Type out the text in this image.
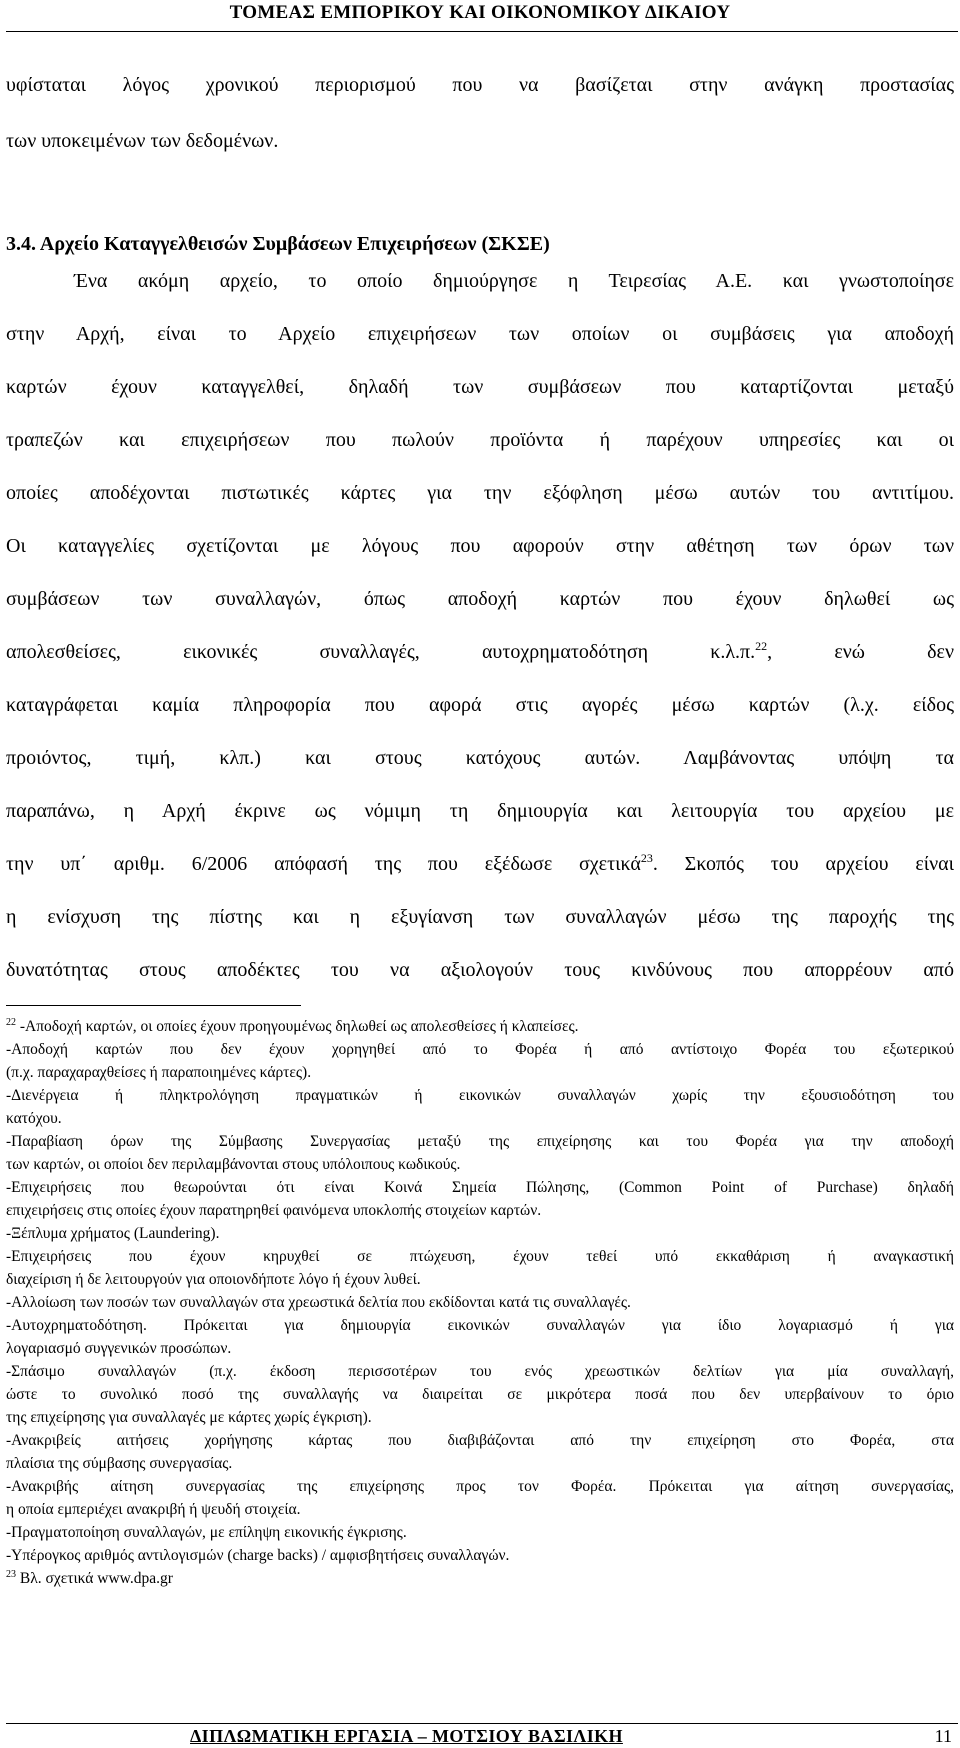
ΤΟΜΕΑΣ ΕΜΠΟΡΙΚΟΥ ΚΑΙ ΟΙΚΟΝΟΜΙΚΟΥ ΔΙΚΑΙΟΥ
υφίσταται λόγος χρονικού περιορισμού που να βασίζεται στην ανάγκη προστασίας
των υποκειμένων των δεδομένων.
3.4. Αρχείο Καταγγελθεισών Συμβάσεων Επιχειρήσεων (ΣΚΣΕ)
Ένα ακόμη αρχείο, το οποίο δημιούργησε η Τειρεσίας Α.Ε. και γνωστοποίησε
στην Αρχή, είναι το Αρχείο επιχειρήσεων των οποίων οι συμβάσεις για αποδοχή
καρτών έχουν καταγγελθεί, δηλαδή των συμβάσεων που καταρτίζονται μεταξύ
τραπεζών και επιχειρήσεων που πωλούν προϊόντα ή παρέχουν υπηρεσίες και οι
οποίες αποδέχονται πιστωτικές κάρτες για την εξόφληση μέσω αυτών του αντιτίμου.
Οι καταγγελίες σχετίζονται με λόγους που αφορούν στην αθέτηση των όρων των
συμβάσεων των συναλλαγών, όπως αποδοχή καρτών που έχουν δηλωθεί ως
απολεσθείσες, εικονικές συναλλαγές, αυτοχρηματοδότηση κ.λ.π.$^{22}$, ενώ δεν
καταγράφεται καμία πληροφορία που αφορά στις αγορές μέσω καρτών (λ.χ. είδος
προιόντος, τιμή, κλπ.) και στους κατόχους αυτών. Λαμβάνοντας υπόψη τα
παραπάνω, η Αρχή έκρινε ως νόμιμη τη δημιουργία και λειτουργία του αρχείου με
την υπ΄ αριθμ. 6/2006 απόφασή της που εξέδωσε σχετικά$^{23}$. Σκοπός του αρχείου είναι
η ενίσχυση της πίστης και η εξυγίανση των συναλλαγών μέσω της παροχής της
δυνατότητας στους αποδέκτες του να αξιολογούν τους κινδύνους που απορρέουν από
$^{22}$ -Αποδοχή καρτών, οι οποίες έχουν προηγουμένως δηλωθεί ως απολεσθείσες ή κλαπείσες.
-Αποδοχή καρτών που δεν έχουν χορηγηθεί από το Φορέα ή από αντίστοιχο Φορέα του εξωτερικού
(π.χ. παραχαραχθείσες ή παραποιημένες κάρτες).
-Διενέργεια ή πληκτρολόγηση πραγματικών ή εικονικών συναλλαγών χωρίς την εξουσιοδότηση του
κατόχου.
-Παραβίαση όρων της Σύμβασης Συνεργασίας μεταξύ της επιχείρησης και του Φορέα για την αποδοχή
των καρτών, οι οποίοι δεν περιλαμβάνονται στους υπόλοιπους κωδικούς.
-Επιχειρήσεις που θεωρούνται ότι είναι Κοινά Σημεία Πώλησης, (Common Point of Purchase) δηλαδή
επιχειρήσεις στις οποίες έχουν παρατηρηθεί φαινόμενα υποκλοπής στοιχείων καρτών.
-Ξέπλυμα χρήματος (Laundering).
-Επιχειρήσεις που έχουν κηρυχθεί σε πτώχευση, έχουν τεθεί υπό εκκαθάριση ή αναγκαστική
διαχείριση ή δε λειτουργούν για οποιονδήποτε λόγο ή έχουν λυθεί.
-Αλλοίωση των ποσών των συναλλαγών στα χρεωστικά δελτία που εκδίδονται κατά τις συναλλαγές.
-Αυτοχρηματοδότηση. Πρόκειται για δημιουργία εικονικών συναλλαγών για ίδιο λογαριασμό ή για
λογαριασμό συγγενικών προσώπων.
-Σπάσιμο συναλλαγών (π.χ. έκδοση περισσοτέρων του ενός χρεωστικών δελτίων για μία συναλλαγή,
ώστε το συνολικό ποσό της συναλλαγής να διαιρείται σε μικρότερα ποσά που δεν υπερβαίνουν το όριο
της επιχείρησης για συναλλαγές με κάρτες χωρίς έγκριση).
-Ανακριβείς αιτήσεις χορήγησης κάρτας που διαβιβάζονται από την επιχείρηση στο Φορέα, στα
πλαίσια της σύμβασης συνεργασίας.
-Ανακριβής αίτηση συνεργασίας της επιχείρησης προς τον Φορέα. Πρόκειται για αίτηση συνεργασίας,
η οποία εμπεριέχει ανακριβή ή ψευδή στοιχεία.
-Πραγματοποίηση συναλλαγών, με επίληψη εικονικής έγκρισης.
-Υπέρογκος αριθμός αντιλογισμών (charge backs) / αμφισβητήσεις συναλλαγών.
$^{23}$ Βλ. σχετικά www.dpa.gr
ΔΙΠΛΩΜΑΤΙΚΗ ΕΡΓΑΣΙΑ – ΜΟΤΣΙΟΥ ΒΑΣΙΛΙΚΗ	11
